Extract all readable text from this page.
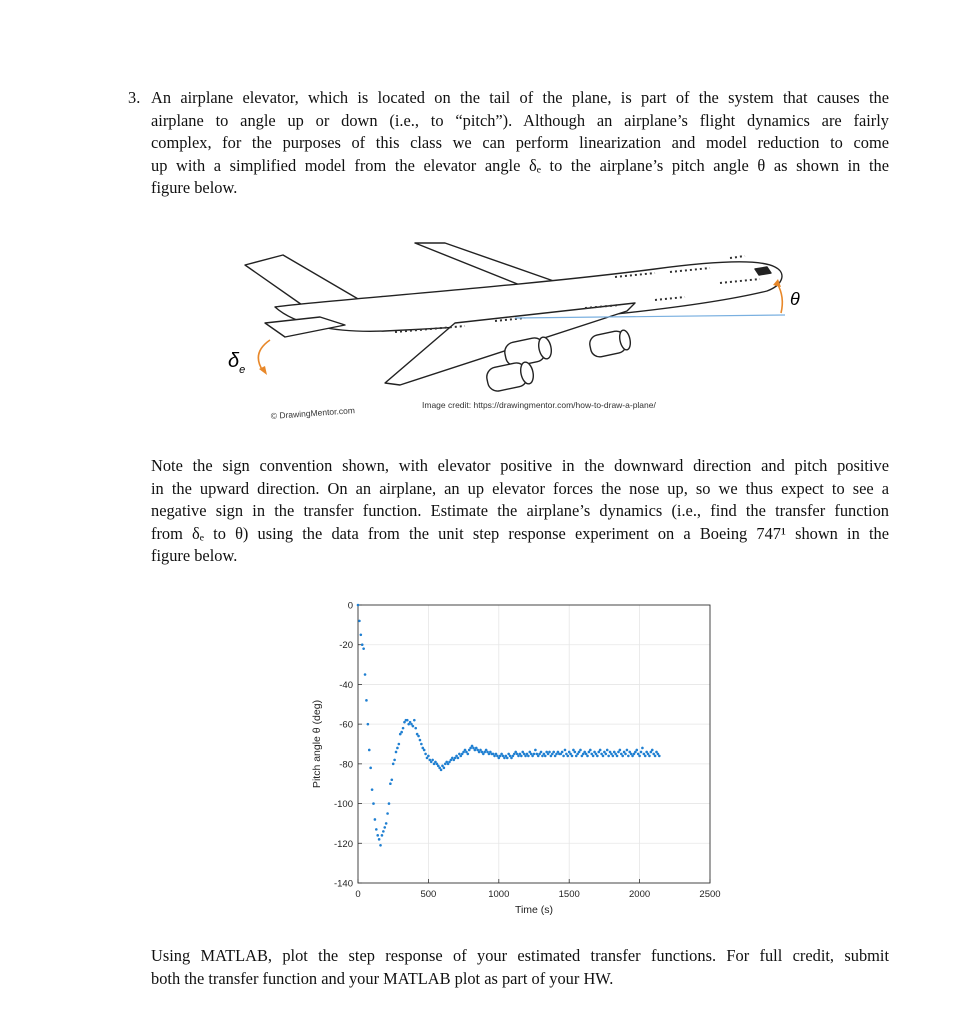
3. An airplane elevator, which is located on the tail of the plane, is part of the system that causes the
airplane to angle up or down (i.e., to “pitch”). Although an airplane’s flight dynamics are fairly
complex, for the purposes of this class we can perform linearization and model reduction to come
up with a simplified model from the elevator angle δₑ to the airplane’s pitch angle θ as shown in the
figure below.
θ
$\delta_e$
© DrawingMentor.com
Image credit: https://drawingmentor.com/how-to-draw-a-plane/
Note the sign convention shown, with elevator positive in the downward direction and pitch positive
in the upward direction. On an airplane, an up elevator forces the nose up, so we thus expect to see a
negative sign in the transfer function. Estimate the airplane’s dynamics (i.e., find the transfer function
from δₑ to θ) using the data from the unit step response experiment on a Boeing 747¹ shown in the
figure below.
0	500	1000	1500	2000	2500
0
-20
-40
-60
-80
-100
-120
-140
Time (s)
Pitch angle θ (deg)
Using MATLAB, plot the step response of your estimated transfer functions. For full credit, submit
both the transfer function and your MATLAB plot as part of your HW.
